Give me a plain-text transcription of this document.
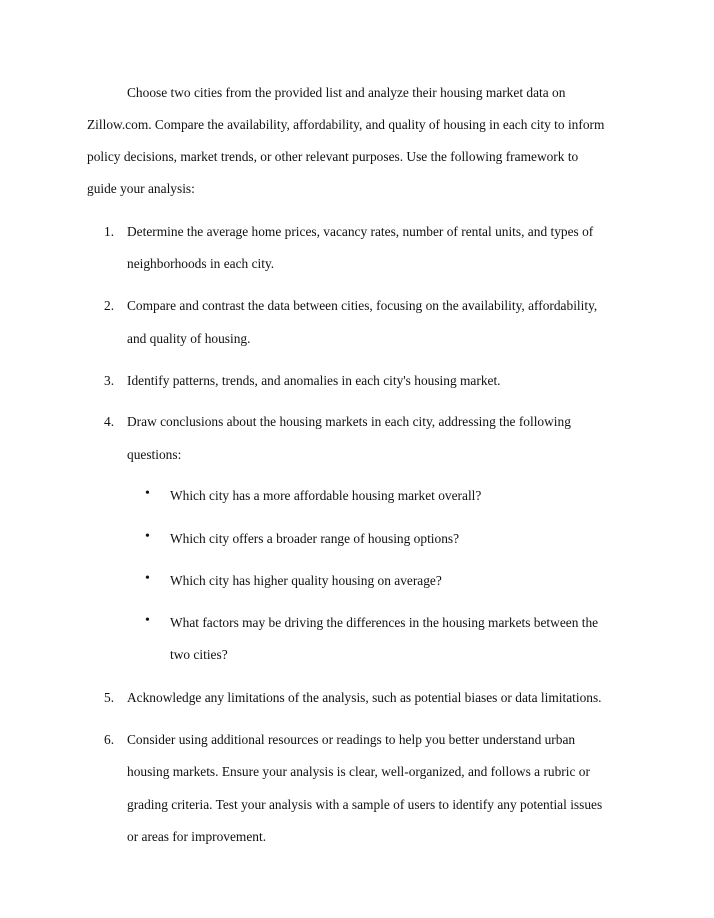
Choose two cities from the provided list and analyze their housing market data on
Zillow.com. Compare the availability, affordability, and quality of housing in each city to inform
policy decisions, market trends, or other relevant purposes. Use the following framework to
guide your analysis:
1. Determine the average home prices, vacancy rates, number of rental units, and types of
neighborhoods in each city.
2. Compare and contrast the data between cities, focusing on the availability, affordability,
and quality of housing.
3. Identify patterns, trends, and anomalies in each city's housing market.
4. Draw conclusions about the housing markets in each city, addressing the following
questions:
• Which city has a more affordable housing market overall?
• Which city offers a broader range of housing options?
• Which city has higher quality housing on average?
• What factors may be driving the differences in the housing markets between the
two cities?
5. Acknowledge any limitations of the analysis, such as potential biases or data limitations.
6. Consider using additional resources or readings to help you better understand urban
housing markets. Ensure your analysis is clear, well-organized, and follows a rubric or
grading criteria. Test your analysis with a sample of users to identify any potential issues
or areas for improvement.
